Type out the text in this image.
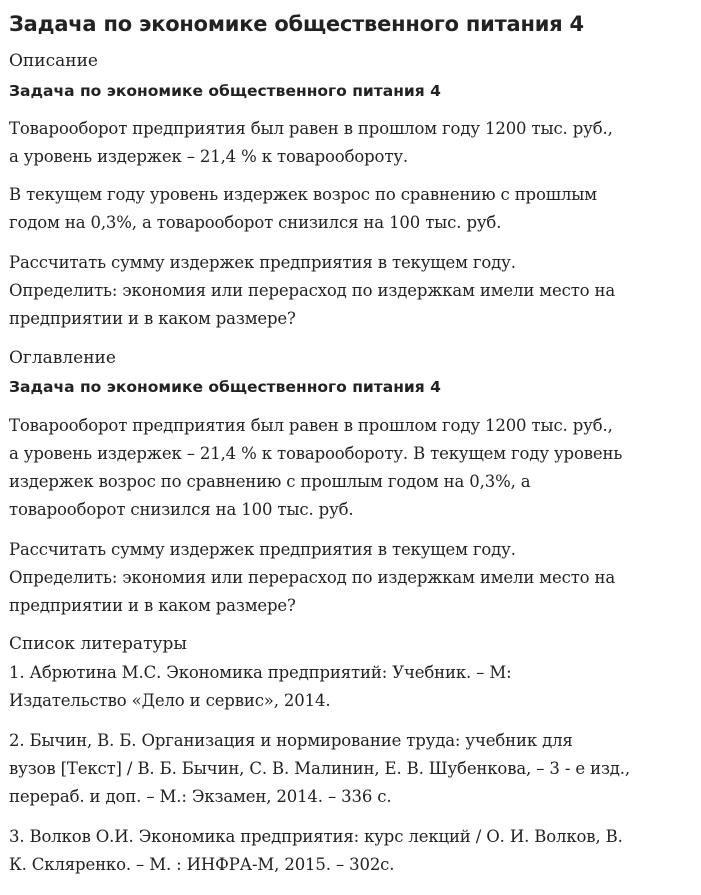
Задача по экономике общественного питания 4
Описание
Задача по экономике общественного питания 4
Товарооборот предприятия был равен в прошлом году 1200 тыс. руб.,
а уровень издержек – 21,4 % к товарообороту.
В текущем году уровень издержек возрос по сравнению с прошлым
годом на 0,3%, а товарооборот снизился на 100 тыс. руб.
Рассчитать сумму издержек предприятия в текущем году.
Определить: экономия или перерасход по издержкам имели место на
предприятии и в каком размере?
Оглавление
Задача по экономике общественного питания 4
Товарооборот предприятия был равен в прошлом году 1200 тыс. руб.,
а уровень издержек – 21,4 % к товарообороту. В текущем году уровень
издержек возрос по сравнению с прошлым годом на 0,3%, а
товарооборот снизился на 100 тыс. руб.
Рассчитать сумму издержек предприятия в текущем году.
Определить: экономия или перерасход по издержкам имели место на
предприятии и в каком размере?
Список литературы
1. Абрютина М.С. Экономика предприятий: Учебник. – М:
Издательство «Дело и сервис», 2014.
2. Бычин, В. Б. Организация и нормирование труда: учебник для
вузов [Текст] / В. Б. Бычин, С. В. Малинин, Е. В. Шубенкова, – 3 - е изд.,
перераб. и доп. – М.: Экзамен, 2014. – 336 с.
3. Волков О.И. Экономика предприятия: курс лекций / О. И. Волков, В.
К. Скляренко. – М. : ИНФРА-М, 2015. – 302с.
